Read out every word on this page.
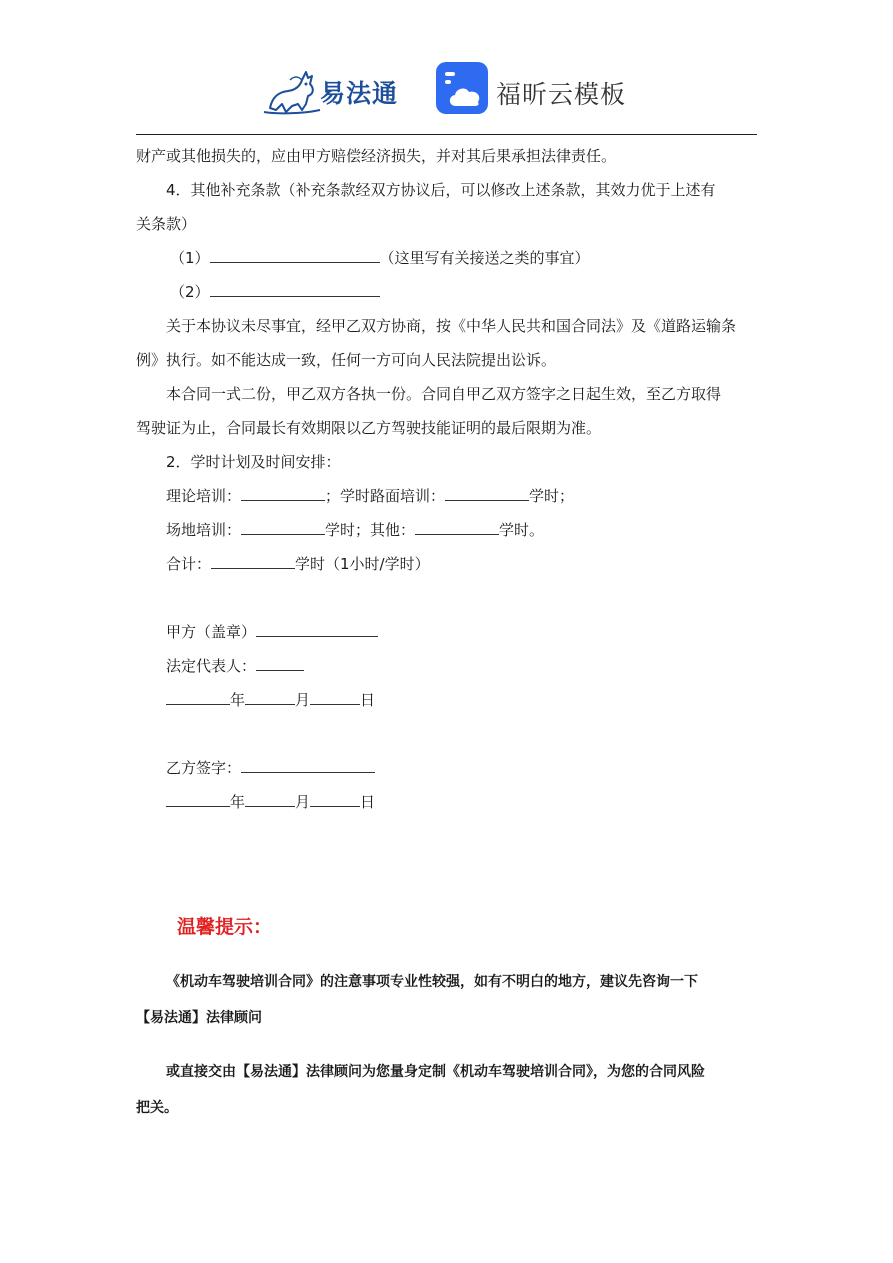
易法通	福昕云模板
财产或其他损失的，应由甲方赔偿经济损失，并对其后果承担法律责任。
4．其他补充条款（补充条款经双方协议后，可以修改上述条款，其效力优于上述有
关条款）
（1）	（这里写有关接送之类的事宜）
（2）
关于本协议未尽事宜，经甲乙双方协商，按《中华人民共和国合同法》及《道路运输条
例》执行。如不能达成一致，任何一方可向人民法院提出讼诉。
本合同一式二份，甲乙双方各执一份。合同自甲乙双方签字之日起生效，至乙方取得
驾驶证为止，合同最长有效期限以乙方驾驶技能证明的最后限期为准。
2．学时计划及时间安排：
理论培训：	；学时路面培训：	学时；
场地培训：	学时；其他：	学时。
合计：	学时（1小时/学时）
甲方（盖章）
法定代表人：
年	月	日
乙方签字：
年	月	日
温馨提示：
《机动车驾驶培训合同》的注意事项专业性较强，如有不明白的地方，建议先咨询一下
【易法通】法律顾问
或直接交由【易法通】法律顾问为您量身定制《机动车驾驶培训合同》，为您的合同风险
把关。
